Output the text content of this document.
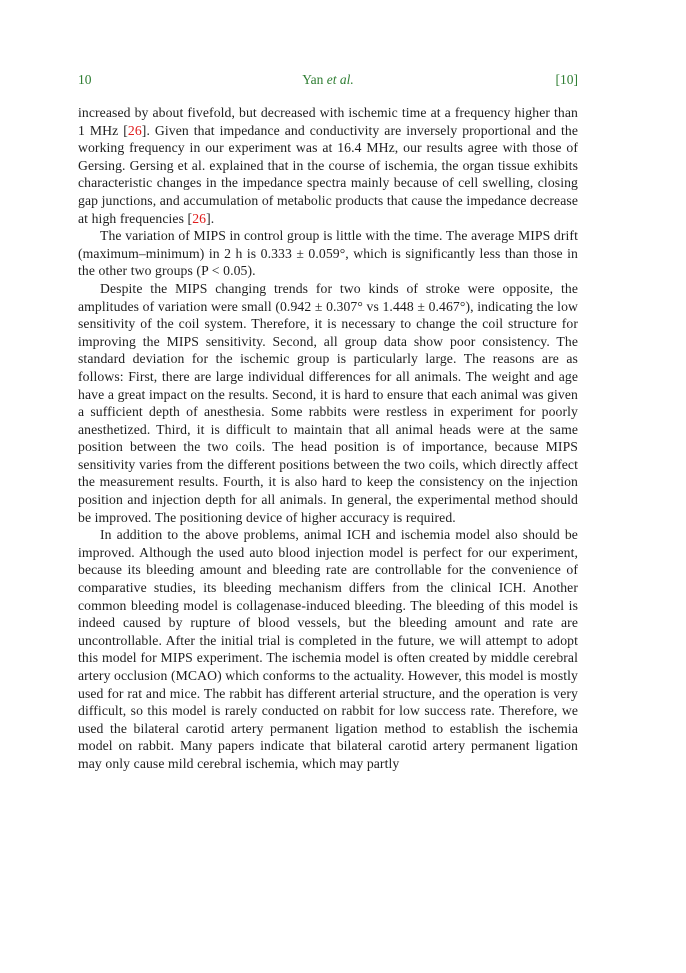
10	Yan et al.	[10]

increased by about fivefold, but decreased with ischemic time at a frequency higher than 1 MHz [26]. Given that impedance and conductivity are inversely proportional and the working frequency in our experiment was at 16.4 MHz, our results agree with those of Gersing. Gersing et al. explained that in the course of ischemia, the organ tissue exhibits characteristic changes in the impedance spectra mainly because of cell swelling, closing gap junctions, and accumulation of metabolic products that cause the impedance decrease at high frequencies [26].

The variation of MIPS in control group is little with the time. The average MIPS drift (maximum–minimum) in 2 h is 0.333 ± 0.059°, which is significantly less than those in the other two groups (P < 0.05).

Despite the MIPS changing trends for two kinds of stroke were opposite, the amplitudes of variation were small (0.942 ± 0.307° vs 1.448 ± 0.467°), indicating the low sensitivity of the coil system. Therefore, it is necessary to change the coil structure for improving the MIPS sensitivity. Second, all group data show poor consistency. The standard deviation for the ischemic group is particularly large. The reasons are as follows: First, there are large individual differences for all animals. The weight and age have a great impact on the results. Second, it is hard to ensure that each animal was given a sufficient depth of anesthesia. Some rabbits were restless in experiment for poorly anesthetized. Third, it is difficult to maintain that all animal heads were at the same position between the two coils. The head position is of importance, because MIPS sensitivity varies from the different positions between the two coils, which directly affect the measurement results. Fourth, it is also hard to keep the consistency on the injection position and injection depth for all animals. In general, the experimental method should be improved. The positioning device of higher accuracy is required.

In addition to the above problems, animal ICH and ischemia model also should be improved. Although the used auto blood injection model is perfect for our experiment, because its bleeding amount and bleeding rate are controllable for the convenience of comparative studies, its bleeding mechanism differs from the clinical ICH. Another common bleeding model is collagenase-induced bleeding. The bleeding of this model is indeed caused by rupture of blood vessels, but the bleeding amount and rate are uncontrollable. After the initial trial is completed in the future, we will attempt to adopt this model for MIPS experiment. The ischemia model is often created by middle cerebral artery occlusion (MCAO) which conforms to the actuality. However, this model is mostly used for rat and mice. The rabbit has different arterial structure, and the operation is very difficult, so this model is rarely conducted on rabbit for low success rate. Therefore, we used the bilateral carotid artery permanent ligation method to establish the ischemia model on rabbit. Many papers indicate that bilateral carotid artery permanent ligation may only cause mild cerebral ischemia, which may partly
